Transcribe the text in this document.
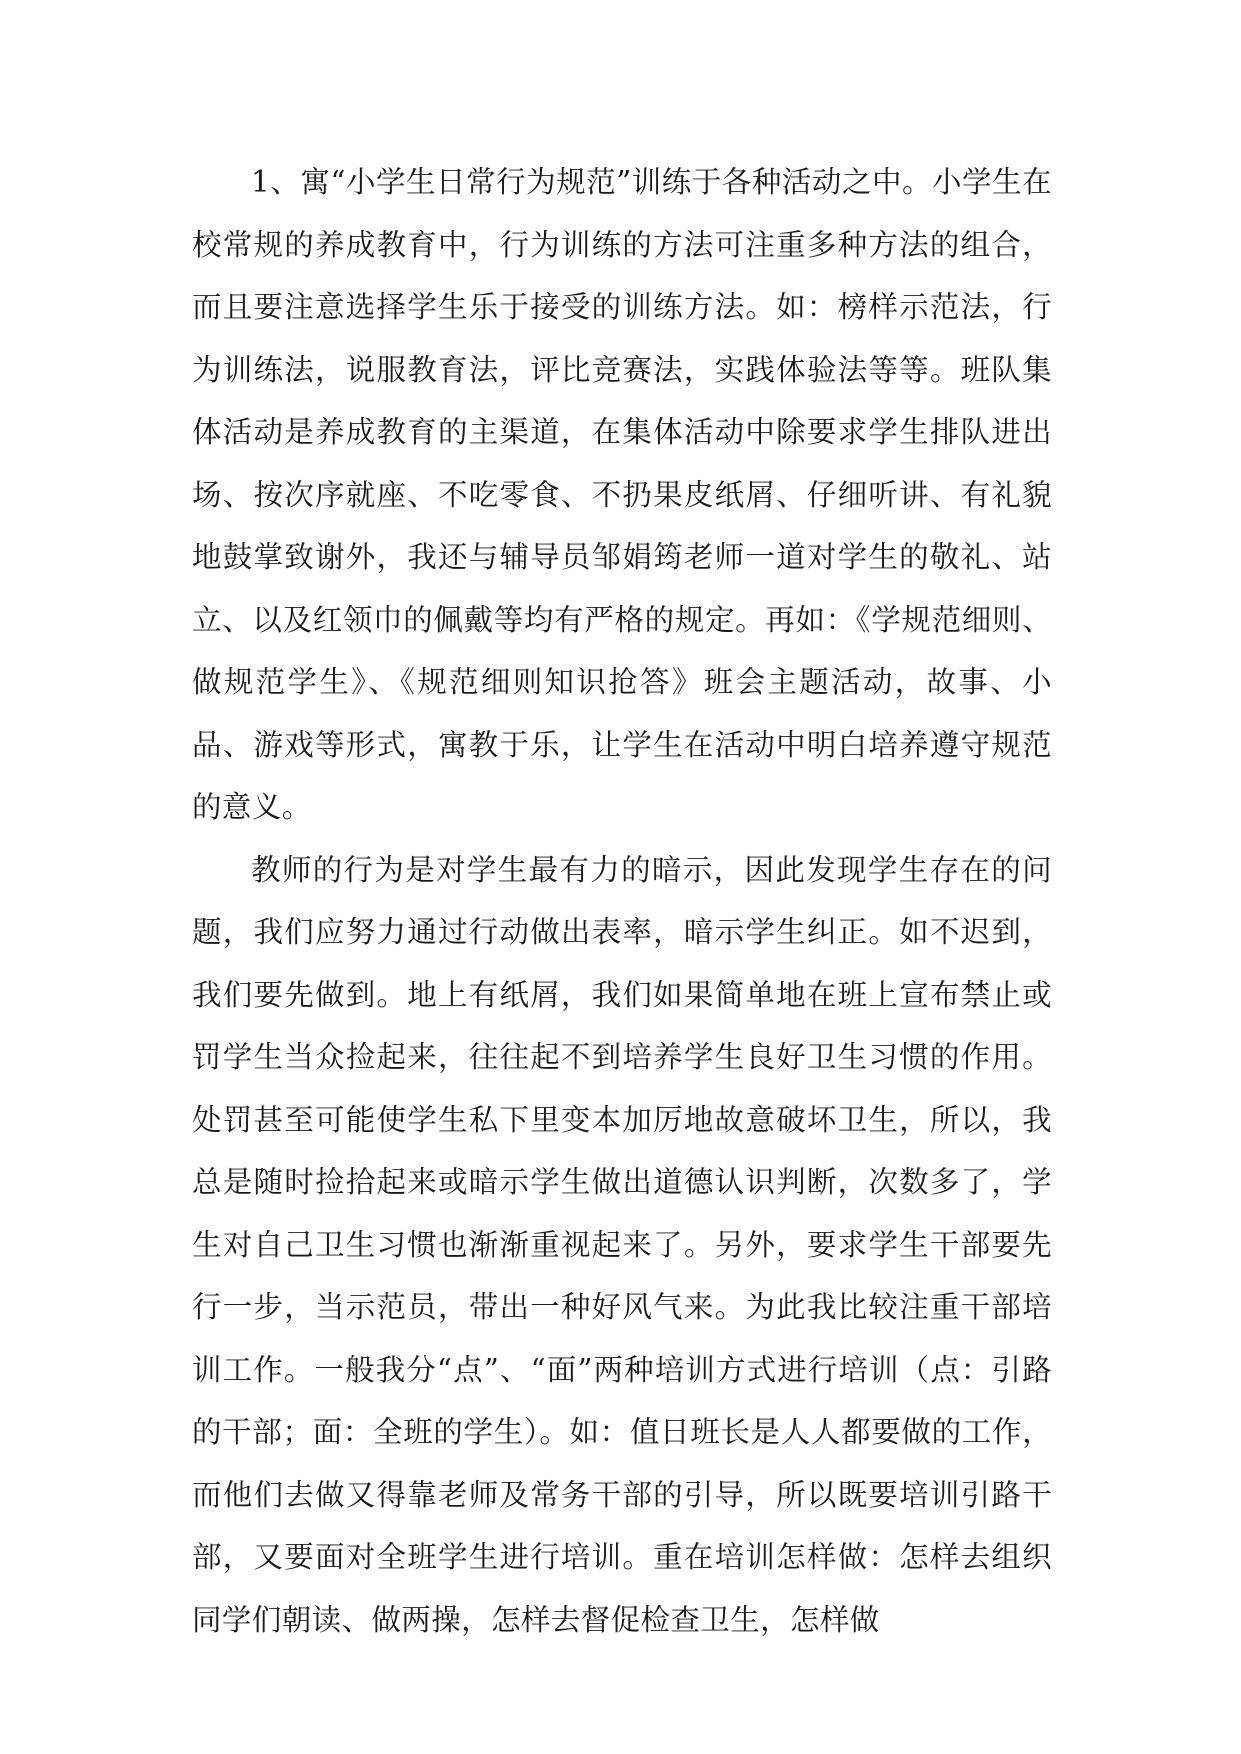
1、寓“小学生日常行为规范”训练于各种活动之中。小学生在校常规的养成教育中，行为训练的方法可注重多种方法的组合，而且要注意选择学生乐于接受的训练方法。如：榜样示范法，行为训练法，说服教育法，评比竞赛法，实践体验法等等。班队集体活动是养成教育的主渠道，在集体活动中除要求学生排队进出场、按次序就座、不吃零食、不扔果皮纸屑、仔细听讲、有礼貌地鼓掌致谢外，我还与辅导员邹娟筠老师一道对学生的敬礼、站立、以及红领巾的佩戴等均有严格的规定。再如：《学规范细则、做规范学生》、《规范细则知识抢答》班会主题活动，故事、小品、游戏等形式，寓教于乐，让学生在活动中明白培养遵守规范的意义。

教师的行为是对学生最有力的暗示，因此发现学生存在的问题，我们应努力通过行动做出表率，暗示学生纠正。如不迟到，我们要先做到。地上有纸屑，我们如果简单地在班上宣布禁止或罚学生当众捡起来，往往起不到培养学生良好卫生习惯的作用。处罚甚至可能使学生私下里变本加厉地故意破坏卫生，所以，我总是随时捡拾起来或暗示学生做出道德认识判断，次数多了，学生对自己卫生习惯也渐渐重视起来了。另外，要求学生干部要先行一步，当示范员，带出一种好风气来。为此我比较注重干部培训工作。一般我分“点”、“面”两种培训方式进行培训（点：引路的干部；面：全班的学生）。如：值日班长是人人都要做的工作，而他们去做又得靠老师及常务干部的引导，所以既要培训引路干部，又要面对全班学生进行培训。重在培训怎样做：怎样去组织同学们朝读、做两操，怎样去督促检查卫生，怎样做
